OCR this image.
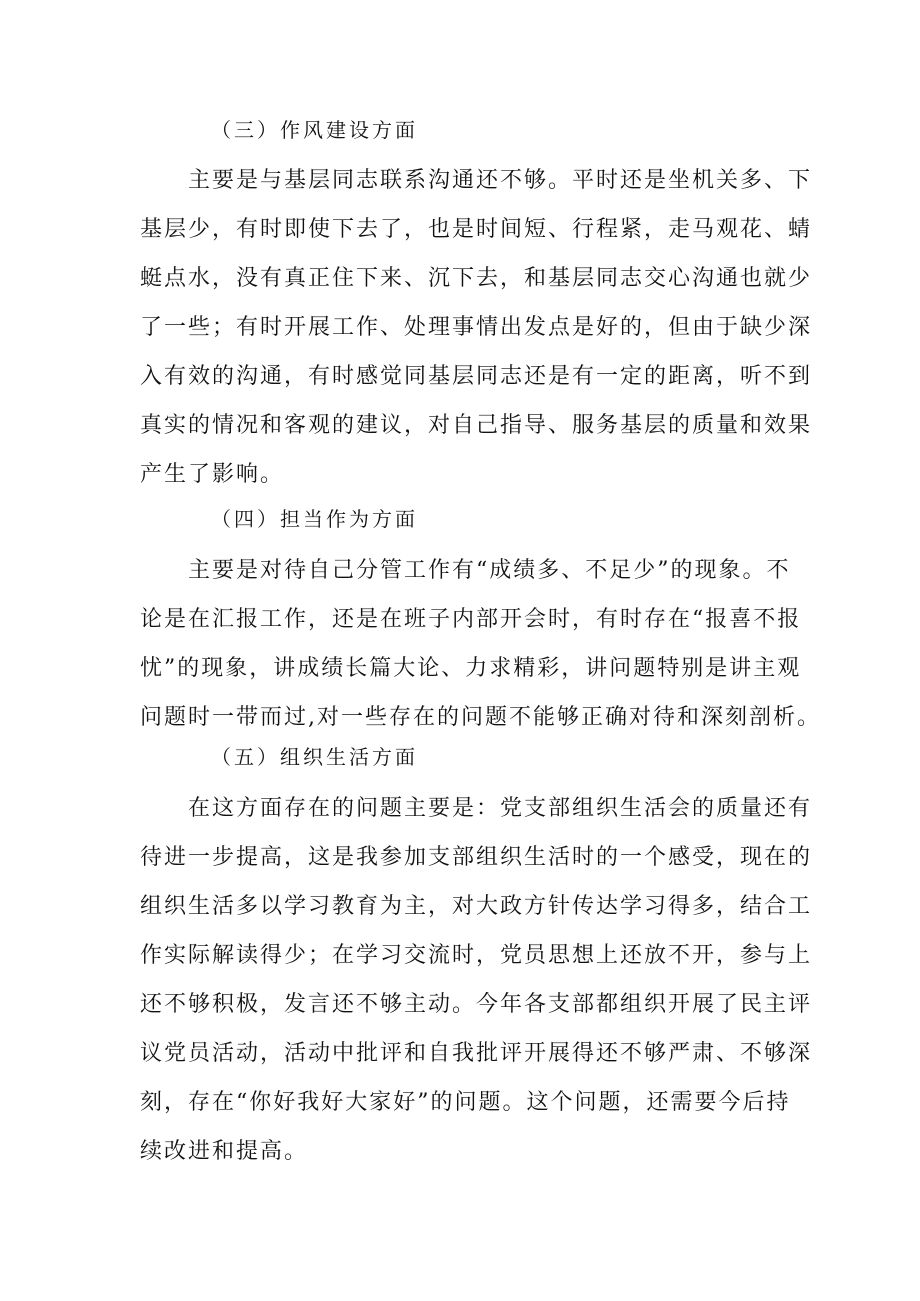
（三）作风建设方面
主要是与基层同志联系沟通还不够。平时还是坐机关多、下
基层少，有时即使下去了，也是时间短、行程紧，走马观花、蜻
蜓点水，没有真正住下来、沉下去，和基层同志交心沟通也就少
了一些；有时开展工作、处理事情出发点是好的，但由于缺少深
入有效的沟通，有时感觉同基层同志还是有一定的距离，听不到
真实的情况和客观的建议，对自己指导、服务基层的质量和效果
产生了影响。
（四）担当作为方面
主要是对待自己分管工作有“成绩多、不足少”的现象。不
论是在汇报工作，还是在班子内部开会时，有时存在“报喜不报
忧”的现象，讲成绩长篇大论、力求精彩，讲问题特别是讲主观
问题时一带而过,对一些存在的问题不能够正确对待和深刻剖析。
（五）组织生活方面
在这方面存在的问题主要是：党支部组织生活会的质量还有
待进一步提高，这是我参加支部组织生活时的一个感受，现在的
组织生活多以学习教育为主，对大政方针传达学习得多，结合工
作实际解读得少；在学习交流时，党员思想上还放不开，参与上
还不够积极，发言还不够主动。今年各支部都组织开展了民主评
议党员活动，活动中批评和自我批评开展得还不够严肃、不够深
刻，存在“你好我好大家好”的问题。这个问题，还需要今后持
续改进和提高。
